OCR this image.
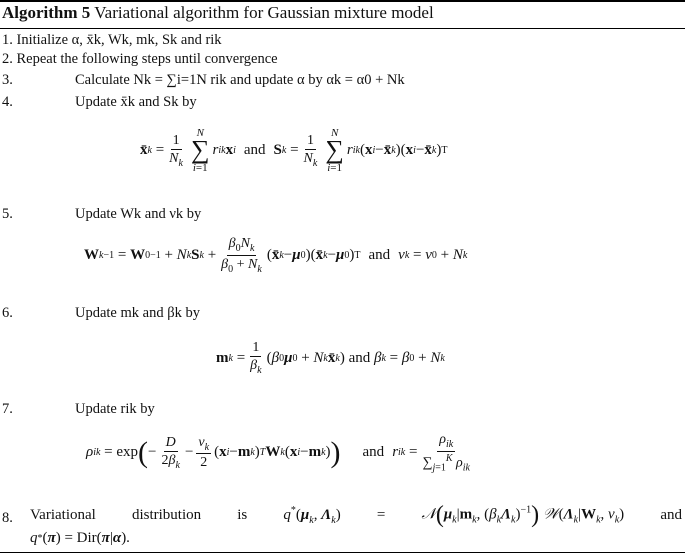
Algorithm 5 Variational algorithm for Gaussian mixture model
1. Initialize α, x̄k, Wk, mk, Sk and rik
2. Repeat the following steps until convergence
3.	Calculate Nk = ∑i=1N rik and update α by αk = α0 + Nk
4.	Update x̄k and Sk by
x̄ $k = \frac{1}{N_k}$ N
∑
i=1
r ik x i and S $k = \frac{1}{N_k}$ N
∑
i=1
r ik ( x i − x̄ k )( x i − x̄ k ) T
5.	Update Wk and νk by
W k −1 = W 0 −1 + N k S $k + \frac{\beta_0N_k}{\beta_0 + N_k}$ ( x̄ k − μ 0 )( x̄ k − μ 0 ) T and ν k = ν 0 + N k
6.	Update mk and βk by
m $k = \frac{1}{\beta_k}$ ( β 0 μ 0 + N k x̄ k ) and β k = β 0 + N k
7.	Update rik by
ρ ik = exp ( − $\frac{D}{2\beta_k} - \frac{\nu_k}{2}$ ( x i − m k ) T W k ( x i − m k ) ) and r ik = $\frac{\rho_{ik}}{\sum_{j=1}^K \rho_{ik}}$
8. Variational distribution is $q^*(\mu_k$, $\Lambda_k$) = $𝒩(\mu_k|m_k$, $(\beta_k\Lambda_k)^{-1}$) $𝒲(\Lambda_k|W_k$, $\nu_k$) and
q * ( π ) = Dir( π | α ).
